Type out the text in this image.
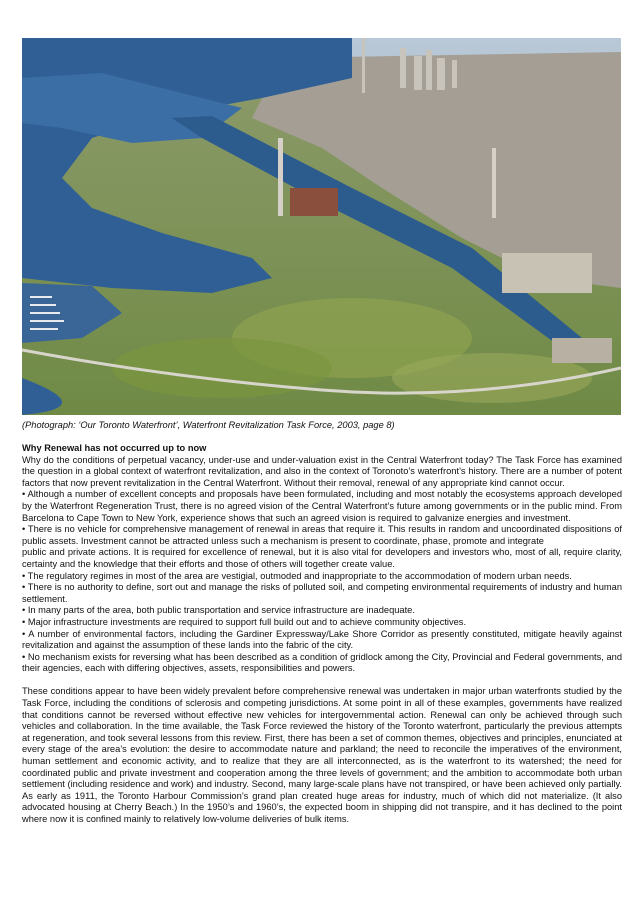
(Photograph: ‘Our Toronto Waterfront’, Waterfront Revitalization Task Force, 2003, page 8)
Why Renewal has not occurred up to now

Why do the conditions of perpetual vacancy, under-use and under-valuation exist in the Central Waterfront today? The Task Force has examined the question in a global context of waterfront revitalization, and also in the context of Toronoto’s waterfront’s history. There are a number of potent factors that now prevent revitalization in the Central Waterfront. Without their removal, renewal of any appropriate kind cannot occur.

• Although a number of excellent concepts and proposals have been formulated, including and most notably the ecosystems approach developed by the Waterfront Regeneration Trust, there is no agreed vision of the Central Waterfront’s future among governments or in the public mind. From Barcelona to Cape Town to New York, experience shows that such an agreed vision is required to galvanize energies and investment.

• There is no vehicle for comprehensive management of renewal in areas that require it. This results in random and uncoordinated dispositions of public assets. Investment cannot be attracted unless such a mechanism is present to coordinate, phase, promote and integrate

public and private actions. It is required for excellence of renewal, but it is also vital for developers and investors who, most of all, require clarity, certainty and the knowledge that their efforts and those of others will together create value.

• The regulatory regimes in most of the area are vestigial, outmoded and inappropriate to the accommodation of modern urban needs.

• There is no authority to define, sort out and manage the risks of polluted soil, and competing environmental requirements of industry and human settlement.

• In many parts of the area, both public transportation and service infrastructure are inadequate.

• Major infrastructure investments are required to support full build out and to achieve community objectives.

• A number of environmental factors, including the Gardiner Expressway/Lake Shore Corridor as presently constituted, mitigate heavily against revitalization and against the assumption of these lands into the fabric of the city.

• No mechanism exists for reversing what has been described as a condition of gridlock among the City, Provincial and Federal governments, and their agencies, each with differing objectives, assets, responsibilities and powers.

These conditions appear to have been widely prevalent before comprehensive renewal was undertaken in major urban waterfronts studied by the Task Force, including the conditions of sclerosis and competing jurisdictions. At some point in all of these examples, governments have realized that conditions cannot be reversed without effective new vehicles for intergovernmental action. Renewal can only be achieved through such vehicles and collaboration. In the time available, the Task Force reviewed the history of the Toronto waterfront, particularly the previous attempts at regeneration, and took several lessons from this review. First, there has been a set of common themes, objectives and principles, enunciated at every stage of the area’s evolution: the desire to accommodate nature and parkland; the need to reconcile the imperatives of the environment, human settlement and economic activity, and to realize that they are all interconnected, as is the waterfront to its watershed; the need for coordinated public and private investment and cooperation among the three levels of government; and the ambition to accommodate both urban settlement (including residence and work) and industry. Second, many large-scale plans have not transpired, or have been achieved only partially. As early as 1911, the Toronto Harbour Commission’s grand plan created huge areas for industry, much of which did not materialize. (It also advocated housing at Cherry Beach.) In the 1950’s and 1960’s, the expected boom in shipping did not transpire, and it has declined to the point where now it is confined mainly to relatively low-volume deliveries of bulk items.
